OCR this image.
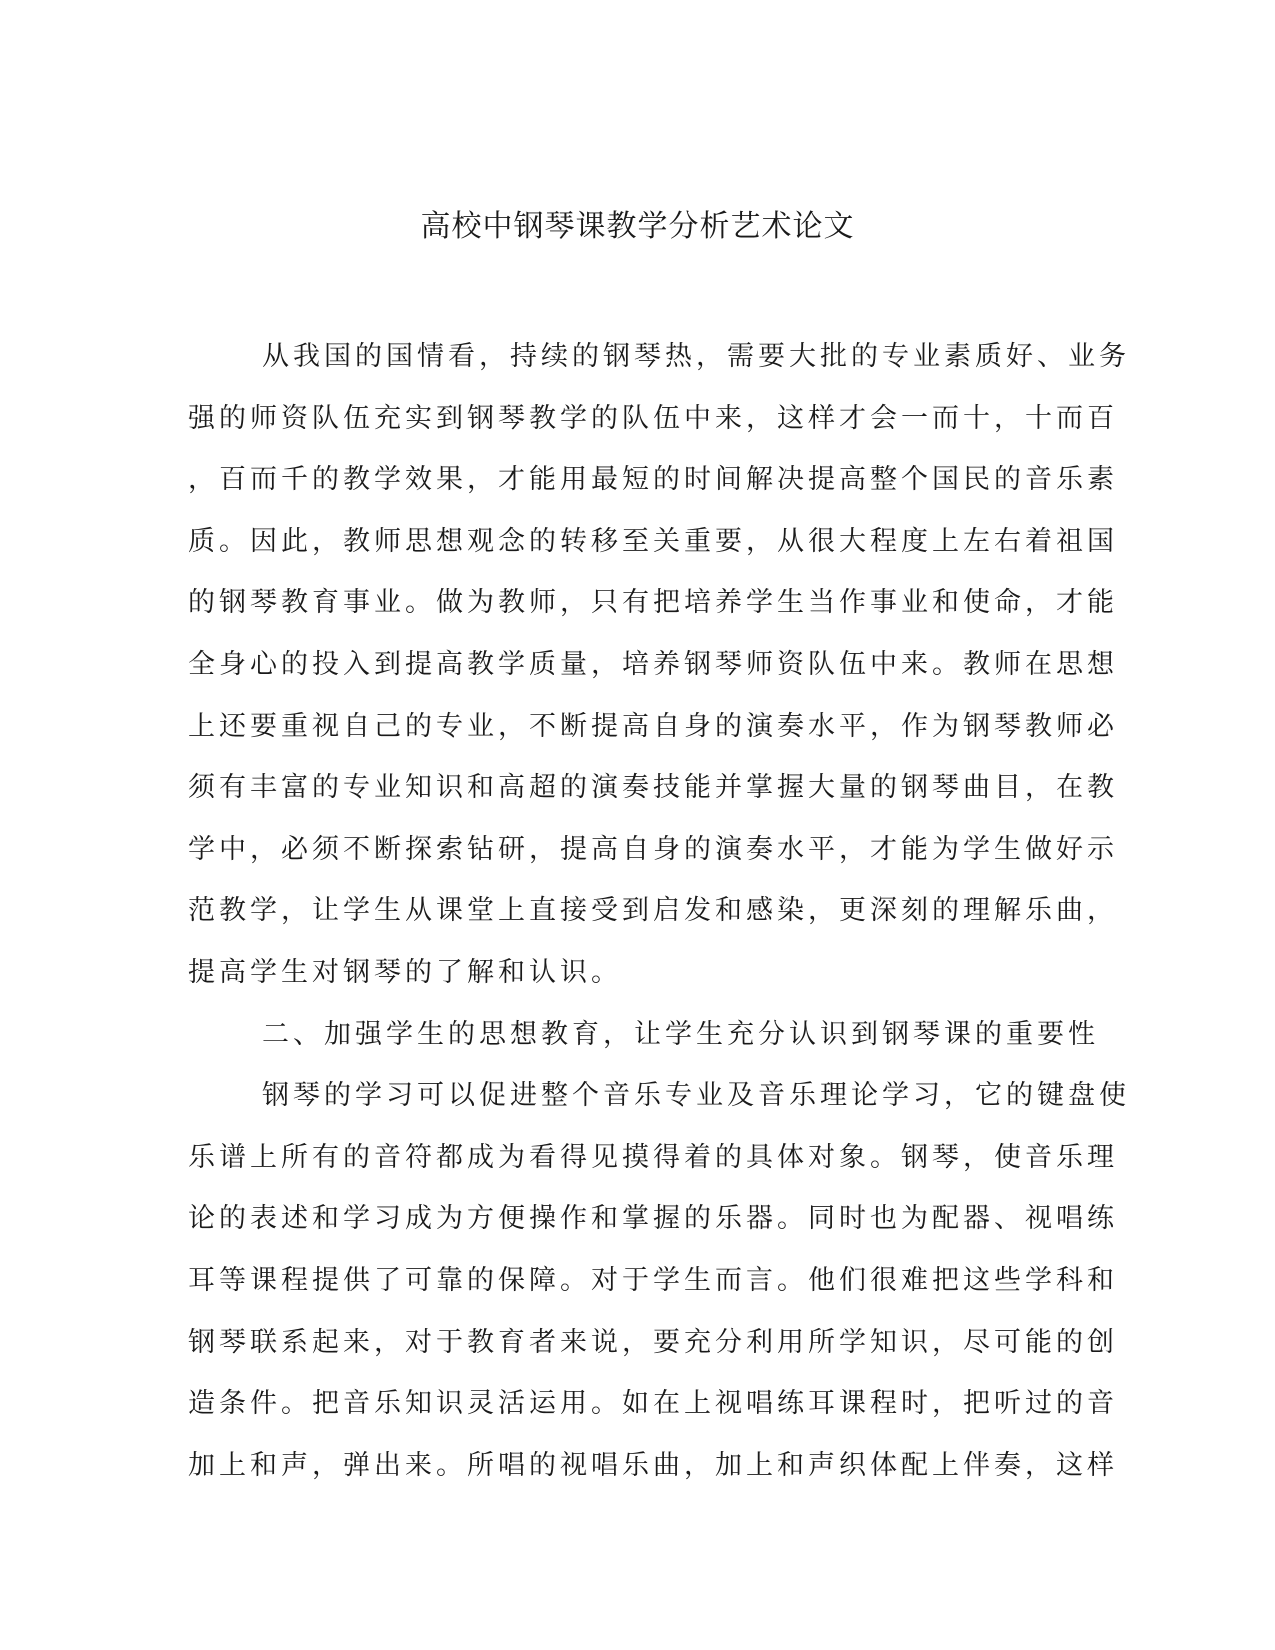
高校中钢琴课教学分析艺术论文

从我国的国情看，持续的钢琴热，需要大批的专业素质好、业务

强的师资队伍充实到钢琴教学的队伍中来，这样才会一而十，十而百

，百而千的教学效果，才能用最短的时间解决提高整个国民的音乐素

质。因此，教师思想观念的转移至关重要，从很大程度上左右着祖国

的钢琴教育事业。做为教师，只有把培养学生当作事业和使命，才能

全身心的投入到提高教学质量，培养钢琴师资队伍中来。教师在思想

上还要重视自己的专业，不断提高自身的演奏水平，作为钢琴教师必

须有丰富的专业知识和高超的演奏技能并掌握大量的钢琴曲目，在教

学中，必须不断探索钻研，提高自身的演奏水平，才能为学生做好示

范教学，让学生从课堂上直接受到启发和感染，更深刻的理解乐曲，

提高学生对钢琴的了解和认识。

二、加强学生的思想教育，让学生充分认识到钢琴课的重要性

钢琴的学习可以促进整个音乐专业及音乐理论学习，它的键盘使

乐谱上所有的音符都成为看得见摸得着的具体对象。钢琴，使音乐理

论的表述和学习成为方便操作和掌握的乐器。同时也为配器、视唱练

耳等课程提供了可靠的保障。对于学生而言。他们很难把这些学科和

钢琴联系起来，对于教育者来说，要充分利用所学知识，尽可能的创

造条件。把音乐知识灵活运用。如在上视唱练耳课程时，把听过的音

加上和声，弹出来。所唱的视唱乐曲，加上和声织体配上伴奏，这样
